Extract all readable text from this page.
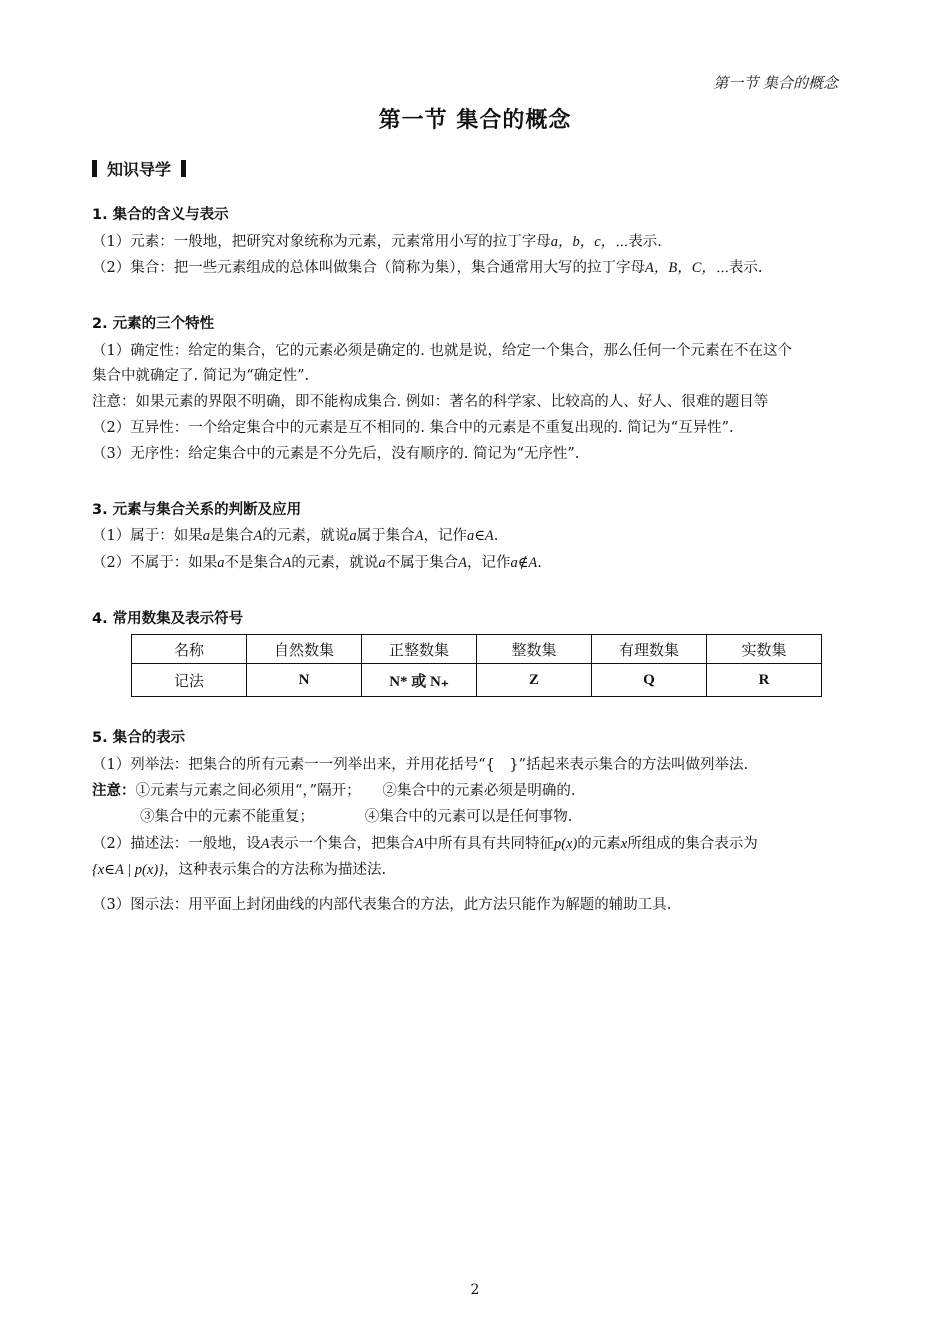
第一节 集合的概念
第一节 集合的概念
知识导学
1. 集合的含义与表示
（1）元素：一般地，把研究对象统称为元素，元素常用小写的拉丁字母a，b，c，⋯表示.
（2）集合：把一些元素组成的总体叫做集合（简称为集），集合通常用大写的拉丁字母A，B，C，⋯表示.
2. 元素的三个特性
（1）确定性：给定的集合，它的元素必须是确定的. 也就是说，给定一个集合，那么任何一个元素在不在这个
集合中就确定了. 简记为“确定性”.
注意：如果元素的界限不明确，即不能构成集合. 例如：著名的科学家、比较高的人、好人、很难的题目等
（2）互异性：一个给定集合中的元素是互不相同的. 集合中的元素是不重复出现的. 简记为“互异性”.
（3）无序性：给定集合中的元素是不分先后，没有顺序的. 简记为“无序性”.
3. 元素与集合关系的判断及应用
（1）属于：如果a是集合A的元素，就说a属于集合A，记作a∈A.
（2）不属于：如果a不是集合A的元素，就说a不属于集合A，记作a∉A.
4. 常用数集及表示符号
名称	自然数集	正整数集	整数集	有理数集	实数集
记法	N	N* 或 N₊	Z	Q	R
5. 集合的表示
（1）列举法：把集合的所有元素一一列举出来，并用花括号“{　}”括起来表示集合的方法叫做列举法.
注意：①元素与元素之间必须用“，”隔开；　　②集合中的元素必须是明确的.
③集合中的元素不能重复；　　　　④集合中的元素可以是任何事物.
（2）描述法：一般地，设A表示一个集合，把集合A中所有具有共同特征p(x)的元素x所组成的集合表示为
{x∈A | p(x)}，这种表示集合的方法称为描述法.
（3）图示法：用平面上封闭曲线的内部代表集合的方法，此方法只能作为解题的辅助工具.
2
